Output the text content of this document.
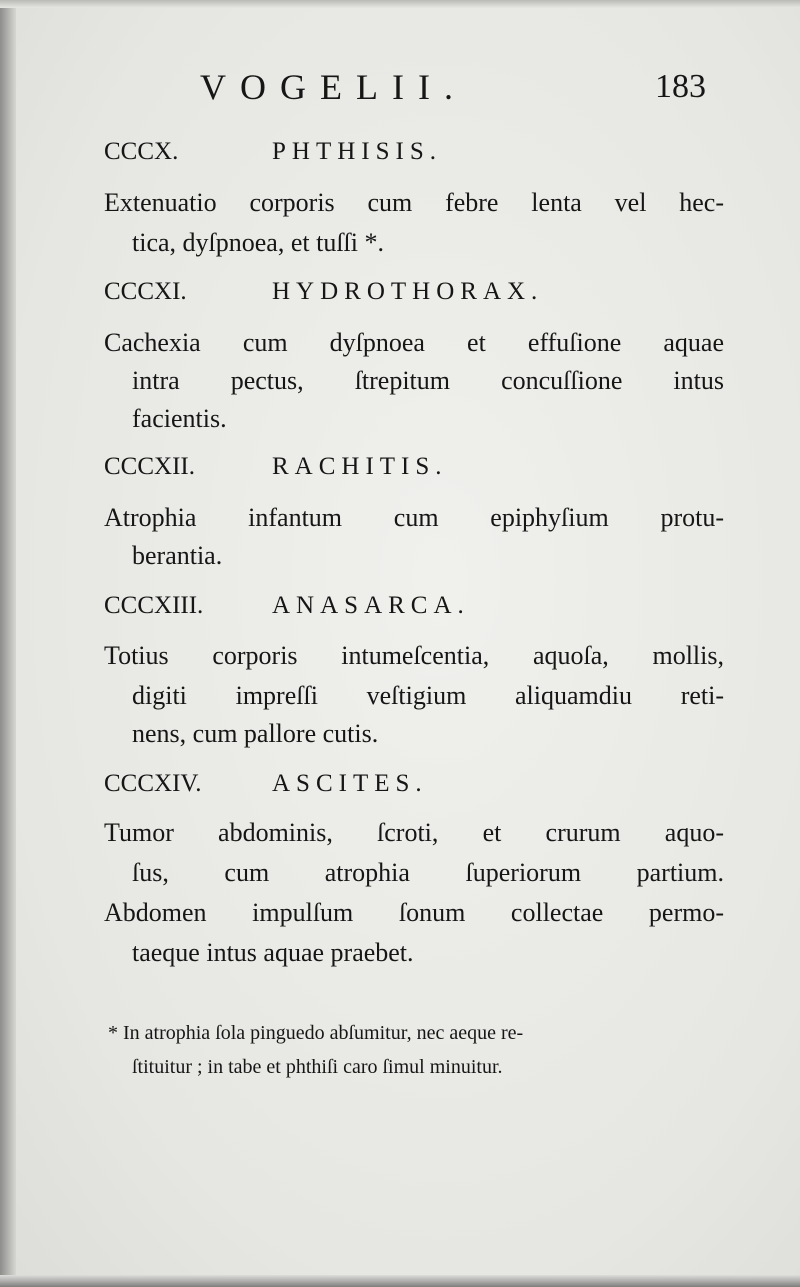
VOGELII.	183
CCCX.	PHTHISIS.
Extenuatio corporis cum febre lenta vel hec-
tica, dyſpnoea, et tuſſi *.
CCCXI.	HYDROTHORAX.
Cachexia cum dyſpnoea et effuſione aquae
intra pectus, ſtrepitum concuſſione intus
facientis.
CCCXII.	RACHITIS.
Atrophia infantum cum epiphyſium protu-
berantia.
CCCXIII.	ANASARCA.
Totius corporis intumeſcentia, aquoſa, mollis,
digiti impreſſi veſtigium aliquamdiu reti-
nens, cum pallore cutis.
CCCXIV.	ASCITES.
Tumor abdominis, ſcroti, et crurum aquo-
ſus, cum atrophia ſuperiorum partium.
Abdomen impulſum ſonum collectae permo-
taeque intus aquae praebet.
* In atrophia ſola pinguedo abſumitur, nec aeque re-
ſtituitur ; in tabe et phthiſi caro ſimul minuitur.
